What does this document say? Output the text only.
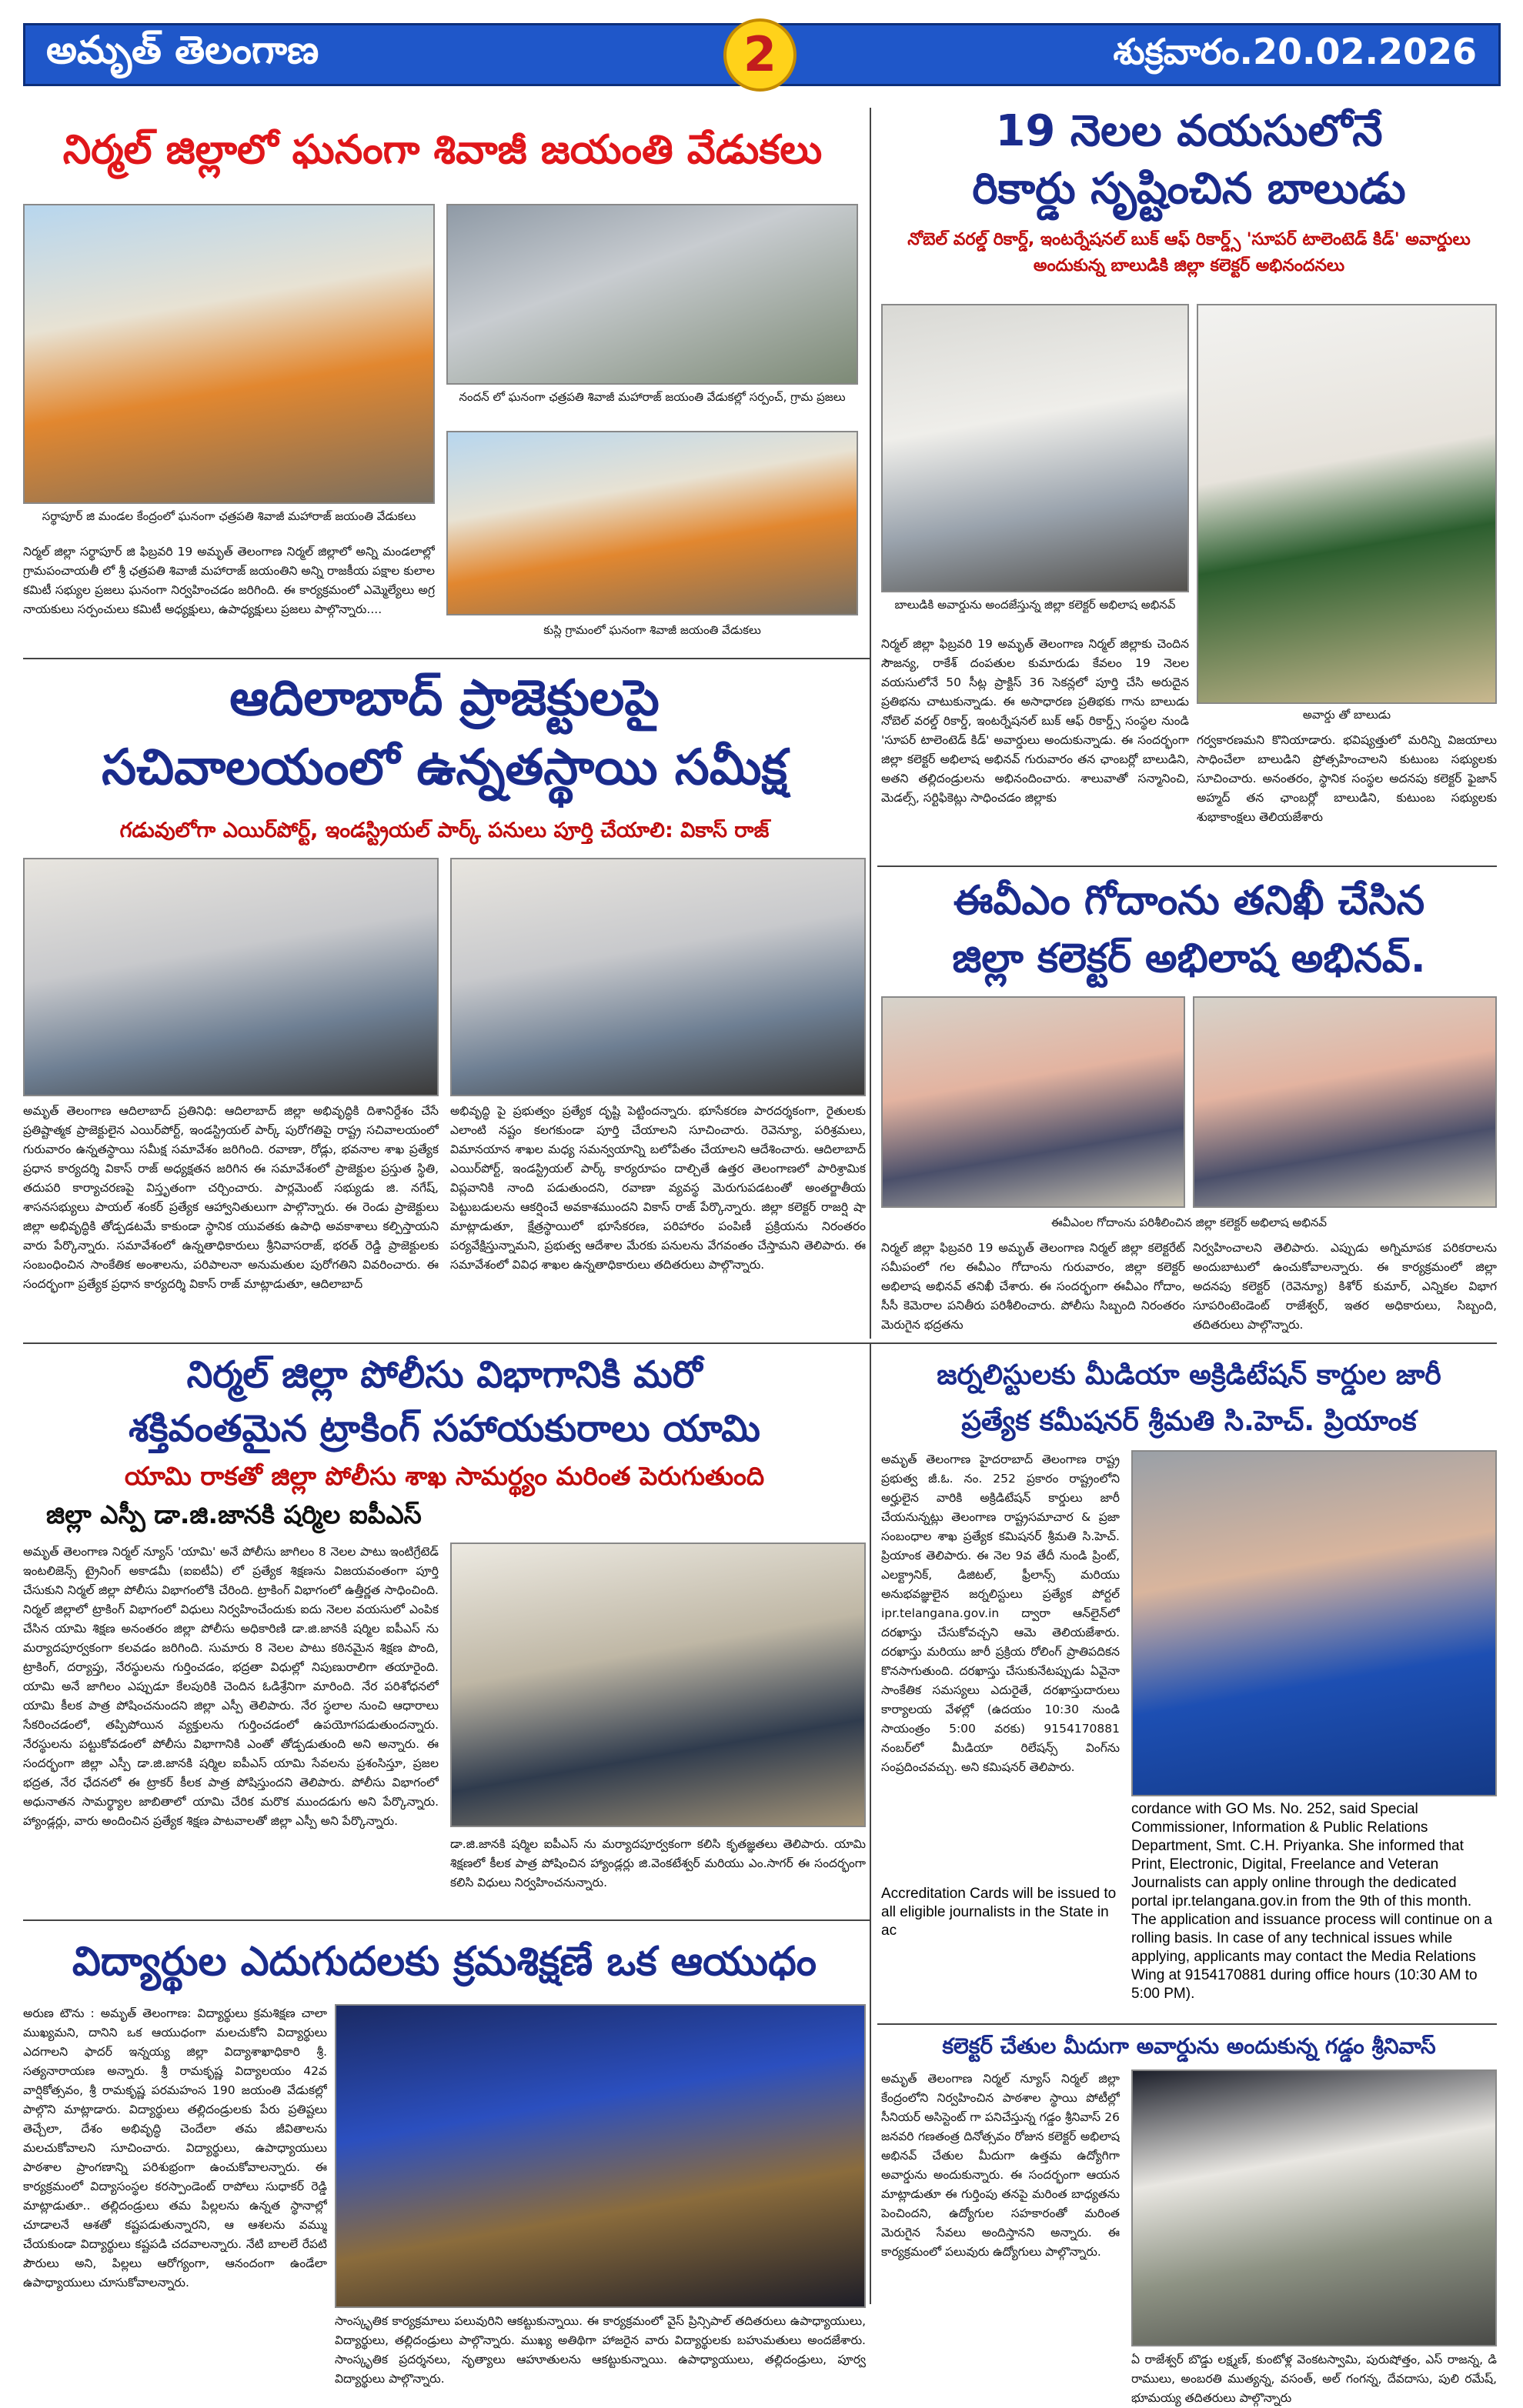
అమృత్ తెలంగాణ	2	శుక్రవారం.20.02.2026
నిర్మల్ జిల్లాలో ఘనంగా శివాజీ జయంతి వేడుకలు
నందన్ లో ఘనంగా ఛత్రపతి శివాజీ మహారాజ్ జయంతి వేడుకల్లో సర్పంచ్, గ్రామ ప్రజలు
సర్థాపూర్ జి మండల కేంద్రంలో ఘనంగా ఛత్రపతి శివాజీ మహారాజ్ జయంతి వేడుకలు
నిర్మల్ జిల్లా సర్థాపూర్ జి ఫిబ్రవరి 19 అమృత్ తెలంగాణ నిర్మల్ జిల్లాలో అన్ని మండలాల్లో గ్రామపంచాయతీ లో శ్రీ ఛత్రపతి శివాజీ మహారాజ్ జయంతిని అన్ని రాజకీయ పక్షాల కులాల కమిటీ సభ్యుల ప్రజలు ఘనంగా నిర్వహించడం జరిగింది. ఈ కార్యక్రమంలో ఎమ్మెల్యేలు అగ్ర నాయకులు సర్పంచులు కమిటీ అధ్యక్షులు, ఉపాధ్యక్షులు ప్రజలు పాల్గొన్నారు....
కుస్లి గ్రామంలో ఘనంగా శివాజీ జయంతి వేడుకలు
19 నెలల వయసులోనే
రికార్డు సృష్టించిన బాలుడు
నోబెల్ వరల్డ్ రికార్డ్, ఇంటర్నేషనల్ బుక్ ఆఫ్ రికార్డ్స్ 'సూపర్ టాలెంటెడ్ కిడ్' అవార్డులు అందుకున్న బాలుడికి జిల్లా కలెక్టర్ అభినందనలు
బాలుడికి అవార్డును అందజేస్తున్న జిల్లా కలెక్టర్ అభిలాష అభినవ్
నిర్మల్ జిల్లా ఫిబ్రవరి 19 అమృత్ తెలంగాణ నిర్మల్ జిల్లాకు చెందిన సౌజన్య, రాకేశ్ దంపతుల కుమారుడు కేవలం 19 నెలల వయసులోనే 50 సీట్ల ప్రాక్టిస్ 36 సెకన్లలో పూర్తి చేసి అరుదైన ప్రతిభను చాటుకున్నాడు. ఈ అసాధారణ ప్రతిభకు గాను బాలుడు నోబెల్ వరల్డ్ రికార్డ్, ఇంటర్నేషనల్ బుక్ ఆఫ్ రికార్డ్స్ సంస్థల నుండి 'సూపర్ టాలెంటెడ్ కిడ్' అవార్డులు అందుకున్నాడు. ఈ సందర్భంగా జిల్లా కలెక్టర్ అభిలాష అభినవ్ గురువారం తన ఛాంబర్లో బాలుడిని, అతని తల్లిదండ్రులను అభినందించారు. శాలువాతో సన్మానించి, మెడల్స్, సర్టిఫికెట్లు సాధించడం జిల్లాకు
అవార్డు తో బాలుడు
గర్వకారణమని కొనియాడారు. భవిష్యత్తులో మరిన్ని విజయాలు సాధించేలా బాలుడిని ప్రోత్సహించాలని కుటుంబ సభ్యులకు సూచించారు. అనంతరం, స్థానిక సంస్థల అదనపు కలెక్టర్ ఫైజాన్ అహ్మద్ తన ఛాంబర్లో బాలుడిని, కుటుంబ సభ్యులకు శుభాకాంక్షలు తెలియజేశారు
ఆదిలాబాద్ ప్రాజెక్టులపై
సచివాలయంలో ఉన్నతస్థాయి సమీక్ష
గడువులోగా ఎయిర్‌పోర్ట్, ఇండస్ట్రియల్ పార్క్ పనులు పూర్తి చేయాలి: వికాస్ రాజ్
అమృత్ తెలంగాణ ఆదిలాబాద్ ప్రతినిధి: ఆదిలాబాద్ జిల్లా అభివృద్ధికి దిశానిర్దేశం చేసే ప్రతిష్టాత్మక ప్రాజెక్టులైన ఎయిర్‌పోర్ట్, ఇండస్ట్రియల్ పార్క్ పురోగతిపై రాష్ట్ర సచివాలయంలో గురువారం ఉన్నతస్థాయి సమీక్ష సమావేశం జరిగింది. రవాణా, రోడ్లు, భవనాల శాఖ ప్రత్యేక ప్రధాన కార్యదర్శి వికాస్ రాజ్ అధ్యక్షతన జరిగిన ఈ సమావేశంలో ప్రాజెక్టుల ప్రస్తుత స్థితి, తదుపరి కార్యాచరణపై విస్తృతంగా చర్చించారు. పార్లమెంట్ సభ్యుడు జి. నగేష్, శాసనసభ్యులు పాయల్ శంకర్ ప్రత్యేక ఆహ్వానితులుగా పాల్గొన్నారు. ఈ రెండు ప్రాజెక్టులు జిల్లా అభివృద్ధికి తోడ్పడటమే కాకుండా స్థానిక యువతకు ఉపాధి అవకాశాలు కల్పిస్తాయని వారు పేర్కొన్నారు. సమావేశంలో ఉన్నతాధికారులు శ్రీనివాసరాజ్, భరత్ రెడ్డి ప్రాజెక్టులకు సంబంధించిన సాంకేతిక అంశాలను, పరిపాలనా అనుమతుల పురోగతిని వివరించారు. ఈ సందర్భంగా ప్రత్యేక ప్రధాన కార్యదర్శి వికాస్ రాజ్ మాట్లాడుతూ, ఆదిలాబాద్
అభివృద్ధి పై ప్రభుత్వం ప్రత్యేక దృష్టి పెట్టిందన్నారు. భూసేకరణ పారదర్శకంగా, రైతులకు ఎలాంటి నష్టం కలగకుండా పూర్తి చేయాలని సూచించారు. రెవెన్యూ, పరిశ్రమలు, విమానయాన శాఖల మధ్య సమన్వయాన్ని బలోపేతం చేయాలని ఆదేశించారు. ఆదిలాబాద్ ఎయిర్‌పోర్ట్, ఇండస్ట్రియల్ పార్క్ కార్యరూపం దాల్చితే ఉత్తర తెలంగాణలో పారిశ్రామిక విప్లవానికి నాంది పడుతుందని, రవాణా వ్యవస్థ మెరుగుపడటంతో అంతర్జాతీయ పెట్టుబడులను ఆకర్షించే అవకాశముందని వికాస్ రాజ్ పేర్కొన్నారు. జిల్లా కలెక్టర్ రాజర్షి షా మాట్లాడుతూ, క్షేత్రస్థాయిలో భూసేకరణ, పరిహారం పంపిణీ ప్రక్రియను నిరంతరం పర్యవేక్షిస్తున్నామని, ప్రభుత్వ ఆదేశాల మేరకు పనులను వేగవంతం చేస్తామని తెలిపారు. ఈ సమావేశంలో వివిధ శాఖల ఉన్నతాధికారులు తదితరులు పాల్గొన్నారు.
ఈవీఎం గోదాంను తనిఖీ చేసిన
జిల్లా కలెక్టర్ అభిలాష అభినవ్.
ఈవీఎంల గోదాంను పరిశీలించిన జిల్లా కలెక్టర్ అభిలాష అభినవ్
నిర్మల్ జిల్లా ఫిబ్రవరి 19 అమృత్ తెలంగాణ నిర్మల్ జిల్లా కలెక్టరేట్ సమీపంలో గల ఈవీఎం గోదాంను గురువారం, జిల్లా కలెక్టర్ అభిలాష అభినవ్ తనిఖీ చేశారు. ఈ సందర్భంగా ఈవీఎం గోదాం, సీసీ కెమెరాల పనితీరు పరిశీలించారు. పోలీసు సిబ్బంది నిరంతరం మెరుగైన భద్రతను
నిర్వహించాలని తెలిపారు. ఎప్పుడు అగ్నిమాపక పరికరాలను అందుబాటులో ఉంచుకోవాలన్నారు. ఈ కార్యక్రమంలో జిల్లా అదనపు కలెక్టర్ (రెవెన్యూ) కిశోర్ కుమార్, ఎన్నికల విభాగ సూపరింటెండెంట్ రాజేశ్వర్, ఇతర అధికారులు, సిబ్బంది, తదితరులు పాల్గొన్నారు.
నిర్మల్ జిల్లా పోలీసు విభాగానికి మరో
శక్తివంతమైన ట్రాకింగ్ సహాయకురాలు యామి
యామి రాకతో జిల్లా పోలీసు శాఖ సామర్థ్యం మరింత పెరుగుతుంది
జిల్లా ఎస్పీ డా.జి.జానకి షర్మిల ఐపీఎస్
అమృత్ తెలంగాణ నిర్మల్ న్యూస్ 'యామి' అనే పోలీసు జాగిలం 8 నెలల పాటు ఇంటిగ్రేటెడ్ ఇంటలిజెన్స్ ట్రైనింగ్ అకాడమీ (ఐఐటీఏ) లో ప్రత్యేక శిక్షణను విజయవంతంగా పూర్తి చేసుకుని నిర్మల్ జిల్లా పోలీసు విభాగంలోకి చేరింది. ట్రాకింగ్ విభాగంలో ఉత్తీర్ణత సాధించింది. నిర్మల్ జిల్లాలో ట్రాకింగ్ విభాగంలో విధులు నిర్వహించేందుకు ఐదు నెలల వయసులో ఎంపిక చేసిన యామి శిక్షణ అనంతరం జిల్లా పోలీసు అధికారిణి డా.జి.జానకి షర్మిల ఐపీఎస్ ను మర్యాదపూర్వకంగా కలవడం జరిగింది. సుమారు 8 నెలల పాటు కఠినమైన శిక్షణ పొంది, ట్రాకింగ్, దర్యాప్తు, నేరస్థులను గుర్తించడం, భద్రతా విధుల్లో నిపుణురాలిగా తయారైంది. యామి అనే జాగిలం ఎప్పుడూ కేలపురికి చెందిన ఓడిశ్రేనిగా మారింది. నేర పరిశోధనలో యామి కీలక పాత్ర పోషించనుందని జిల్లా ఎస్పీ తెలిపారు. నేర స్థలాల నుంచి ఆధారాలు సేకరించడంలో, తప్పిపోయిన వ్యక్తులను గుర్తించడంలో ఉపయోగపడుతుందన్నారు. నేరస్థులను పట్టుకోవడంలో పోలీసు విభాగానికి ఎంతో తోడ్పడుతుంది అని అన్నారు. ఈ సందర్భంగా జిల్లా ఎస్పీ డా.జి.జానకి షర్మిల ఐపీఎస్ యామి సేవలను ప్రశంసిస్తూ, ప్రజల భద్రత, నేర ఛేదనలో ఈ ట్రాకర్ కీలక పాత్ర పోషిస్తుందని తెలిపారు. పోలీసు విభాగంలో అధునాతన సామర్థ్యాల జాబితాలో యామి చేరిక మరొక ముందడుగు అని పేర్కొన్నారు. హ్యాండ్లర్లు, వారు అందించిన ప్రత్యేక శిక్షణ పాటవాలతో జిల్లా ఎస్పీ అని పేర్కొన్నారు.
డా.జి.జానకి షర్మిల ఐపీఎస్ ను మర్యాదపూర్వకంగా కలిసి కృతజ్ఞతలు తెలిపారు. యామి శిక్షణలో కీలక పాత్ర పోషించిన హ్యాండ్లర్లు జి.వెంకటేశ్వర్ మరియు ఎం.సాగర్ ఈ సందర్భంగా కలిసి విధులు నిర్వహించనున్నారు.
జర్నలిస్టులకు మీడియా అక్రిడిటేషన్ కార్డుల జారీ
ప్రత్యేక కమీషనర్ శ్రీమతి సి.హెచ్. ప్రియాంక
అమృత్ తెలంగాణ హైదరాబాద్ తెలంగాణ రాష్ట్ర ప్రభుత్వ జీ.ఓ. నం. 252 ప్రకారం రాష్ట్రంలోని అర్హులైన వారికి అక్రిడిటేషన్ కార్డులు జారీ చేయనున్నట్లు తెలంగాణ రాష్ట్రసమాచార & ప్రజా సంబంధాల శాఖ ప్రత్యేక కమిషనర్ శ్రీమతి సి.హెచ్. ప్రియాంక తెలిపారు. ఈ నెల 9వ తేదీ నుండి ప్రింట్, ఎలక్ట్రానిక్, డిజిటల్, ఫ్రీలాన్స్ మరియు అనుభవజ్ఞులైన జర్నలిస్టులు ప్రత్యేక పోర్టల్ ipr.telangana.gov.in ద్వారా ఆన్‌లైన్‌లో దరఖాస్తు చేసుకోవచ్చని ఆమె తెలియజేశారు. దరఖాస్తు మరియు జారీ ప్రక్రియ రోలింగ్ ప్రాతిపదికన కొనసాగుతుంది. దరఖాస్తు చేసుకునేటప్పుడు ఏవైనా సాంకేతిక సమస్యలు ఎదురైతే, దరఖాస్తుదారులు కార్యాలయ వేళల్లో (ఉదయం 10:30 నుండి సాయంత్రం 5:00 వరకు) 9154170881 నంబర్‌లో మీడియా రిలేషన్స్ వింగ్‌ను సంప్రదించవచ్చు. అని కమిషనర్ తెలిపారు.
cordance with GO Ms. No. 252, said Special Commissioner, Information & Public Relations Department, Smt. C.H. Priyanka. She informed that Print, Electronic, Digital, Freelance and Veteran Journalists can apply online through the dedicated portal ipr.telangana.gov.in from the 9th of this month. The application and issuance process will continue on a rolling basis. In case of any technical issues while applying, applicants may contact the Media Relations Wing at 9154170881 during office hours (10:30 AM to 5:00 PM).
Accreditation Cards will be issued to all eligible journalists in the State in ac
విద్యార్థుల ఎదుగుదలకు క్రమశిక్షణే ఒక ఆయుధం
అరుణ టౌను : అమృత్ తెలంగాణ: విద్యార్థులు క్రమశిక్షణ చాలా ముఖ్యమని, దానిని ఒక ఆయుధంగా మలచుకోని విద్యార్థులు ఎదగాలని ఫాదర్ ఇన్నయ్య జిల్లా విద్యాశాఖాధికారి శ్రీ. సత్యనారాయణ అన్నారు. శ్రీ రామకృష్ణ విద్యాలయం 42వ వార్షికోత్సవం, శ్రీ రామకృష్ణ పరమహంస 190 జయంతి వేడుకల్లో పాల్గొని మాట్లాడారు. విద్యార్థులు తల్లిదండ్రులకు పేరు ప్రతిష్టలు తెచ్చేలా, దేశం అభివృద్ధి చెందేలా తమ జీవితాలను మలచుకోవాలని సూచించారు. విద్యార్థులు, ఉపాధ్యాయులు పాఠశాల ప్రాంగణాన్ని పరిశుభ్రంగా ఉంచుకోవాలన్నారు. ఈ కార్యక్రమంలో విద్యాసంస్థల కరస్పాండెంట్ రాపోలు సుధాకర్ రెడ్డి మాట్లాడుతూ.. తల్లిదండ్రులు తమ పిల్లలను ఉన్నత స్థానాల్లో చూడాలనే ఆశతో కష్టపడుతున్నారని, ఆ ఆశలను వమ్ము చేయకుండా విద్యార్థులు కష్టపడి చదవాలన్నారు. నేటి బాలలే రేపటి పౌరులు అని, పిల్లలు ఆరోగ్యంగా, ఆనందంగా ఉండేలా ఉపాధ్యాయులు చూసుకోవాలన్నారు.
సాంస్కృతిక కార్యక్రమాలు పలువురిని ఆకట్టుకున్నాయి. ఈ కార్యక్రమంలో వైస్ ప్రిన్సిపాల్ తదితరులు ఉపాధ్యాయులు, విద్యార్థులు, తల్లిదండ్రులు పాల్గొన్నారు. ముఖ్య అతిథిగా హాజరైన వారు విద్యార్థులకు బహుమతులు అందజేశారు. సాంస్కృతిక ప్రదర్శనలు, నృత్యాలు ఆహూతులను ఆకట్టుకున్నాయి. ఉపాధ్యాయులు, తల్లిదండ్రులు, పూర్వ విద్యార్థులు పాల్గొన్నారు.
కలెక్టర్ చేతుల మీదుగా అవార్డును అందుకున్న గడ్డం శ్రీనివాస్
అమృత్ తెలంగాణ నిర్మల్ న్యూస్ నిర్మల్ జిల్లా కేంద్రంలోని నిర్వహించిన పాఠశాల స్థాయి పోటీల్లో సీనియర్ అసిస్టెంట్ గా పనిచేస్తున్న గడ్డం శ్రీనివాస్ 26 జనవరి గణతంత్ర దినోత్సవం రోజున కలెక్టర్ అభిలాష అభినవ్ చేతుల మీదుగా ఉత్తమ ఉద్యోగిగా అవార్డును అందుకున్నారు. ఈ సందర్భంగా ఆయన మాట్లాడుతూ ఈ గుర్తింపు తనపై మరింత బాధ్యతను పెంచిందని, ఉద్యోగుల సహకారంతో మరింత మెరుగైన సేవలు అందిస్తానని అన్నారు. ఈ కార్యక్రమంలో పలువురు ఉద్యోగులు పాల్గొన్నారు.
ఏ రాజేశ్వర్ బొడ్డు లక్ష్మణ్, కుంటోళ్ల వెంకటస్వామి, పురుషోత్తం, ఎస్ రాజన్న, డి రాములు, అంబరతి ముత్యన్న, వసంత్, అల్ గంగన్న, దేవదాసు, పులి రమేష్, భూమయ్య తదితరులు పాల్గొన్నారు
